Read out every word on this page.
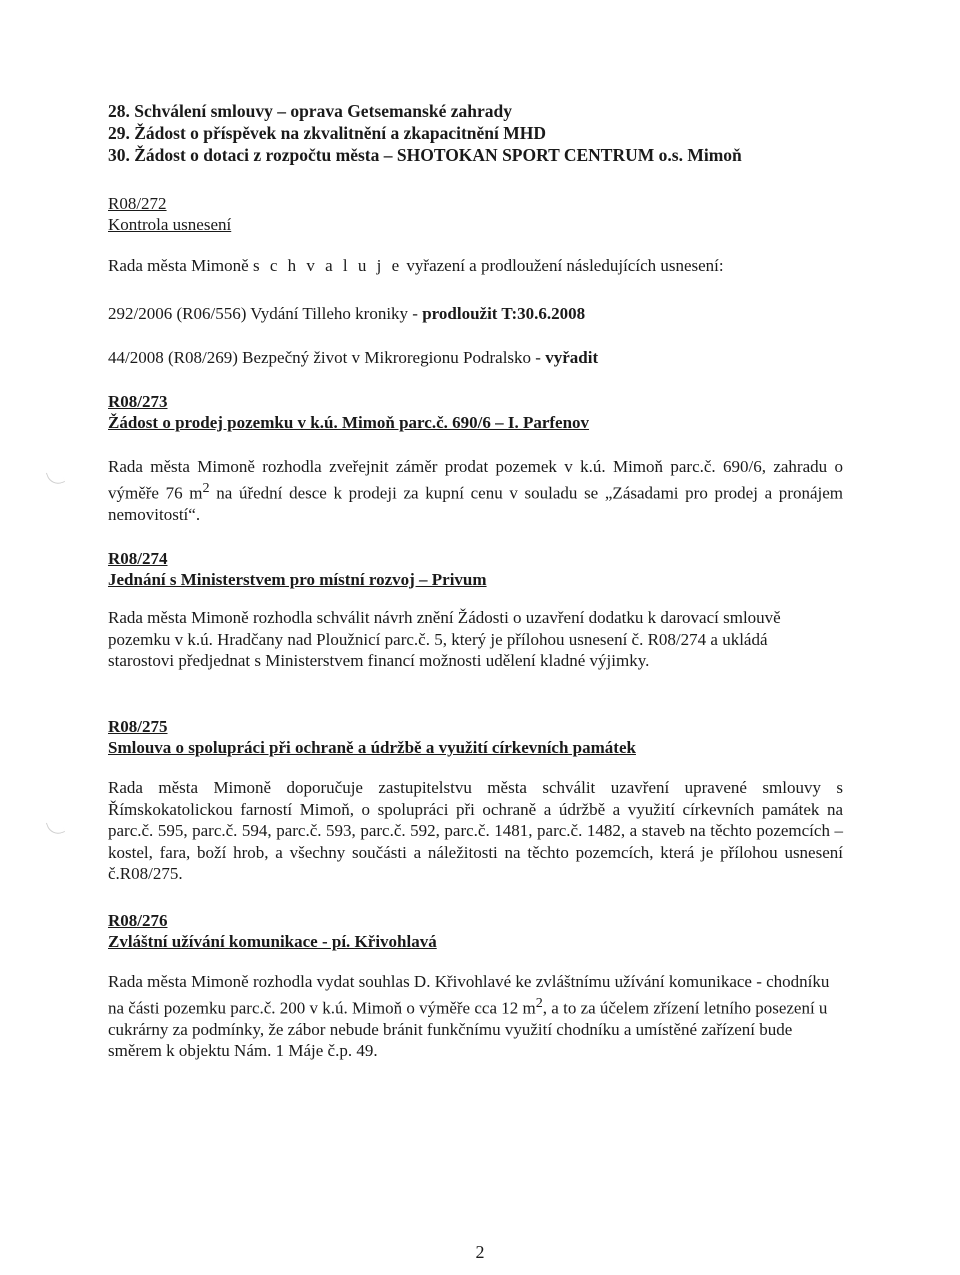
28. Schválení smlouvy – oprava Getsemanské zahrady
29. Žádost o příspěvek na zkvalitnění a zkapacitnění MHD
30. Žádost o dotaci z rozpočtu města – SHOTOKAN SPORT CENTRUM o.s. Mimoň
R08/272
Kontrola usnesení
Rada města Mimoně s c h v a l u j e vyřazení a prodloužení následujících usnesení:
292/2006 (R06/556) Vydání Tilleho kroniky - prodloužit T:30.6.2008
44/2008 (R08/269) Bezpečný život v Mikroregionu Podralsko - vyřadit
R08/273
Žádost o prodej pozemku v k.ú. Mimoň parc.č. 690/6 – I. Parfenov
Rada města Mimoně rozhodla zveřejnit záměr prodat pozemek v k.ú. Mimoň parc.č. 690/6, zahradu o výměře 76 $m^2$ na úřední desce k prodeji za kupní cenu v souladu se „Zásadami pro prodej a pronájem nemovitostí“.
R08/274
Jednání s Ministerstvem pro místní rozvoj – Privum
Rada města Mimoně rozhodla schválit návrh znění Žádosti o uzavření dodatku k darovací smlouvě pozemku v k.ú. Hradčany nad Ploužnicí parc.č. 5, který je přílohou usnesení č. R08/274 a ukládá starostovi předjednat s Ministerstvem financí možnosti udělení kladné výjimky.
R08/275
Smlouva o spolupráci při ochraně a údržbě a využití církevních památek
Rada města Mimoně doporučuje zastupitelstvu města schválit uzavření upravené smlouvy s Římskokatolickou farností Mimoň, o spolupráci při ochraně a údržbě a využití církevních památek na parc.č. 595, parc.č. 594, parc.č. 593, parc.č. 592, parc.č. 1481, parc.č. 1482, a staveb na těchto pozemcích – kostel, fara, boží hrob, a všechny součásti a náležitosti na těchto pozemcích, která je přílohou usnesení č.R08/275.
R08/276
Zvláštní užívání komunikace - pí. Křivohlavá
Rada města Mimoně rozhodla vydat souhlas D. Křivohlavé ke zvláštnímu užívání komunikace - chodníku na části pozemku parc.č. 200 v k.ú. Mimoň o výměře cca 12 $m^2$, a to za účelem zřízení letního posezení u cukrárny za podmínky, že zábor nebude bránit funkčnímu využití chodníku a umístěné zařízení bude směrem k objektu Nám. 1 Máje č.p. 49.
2
